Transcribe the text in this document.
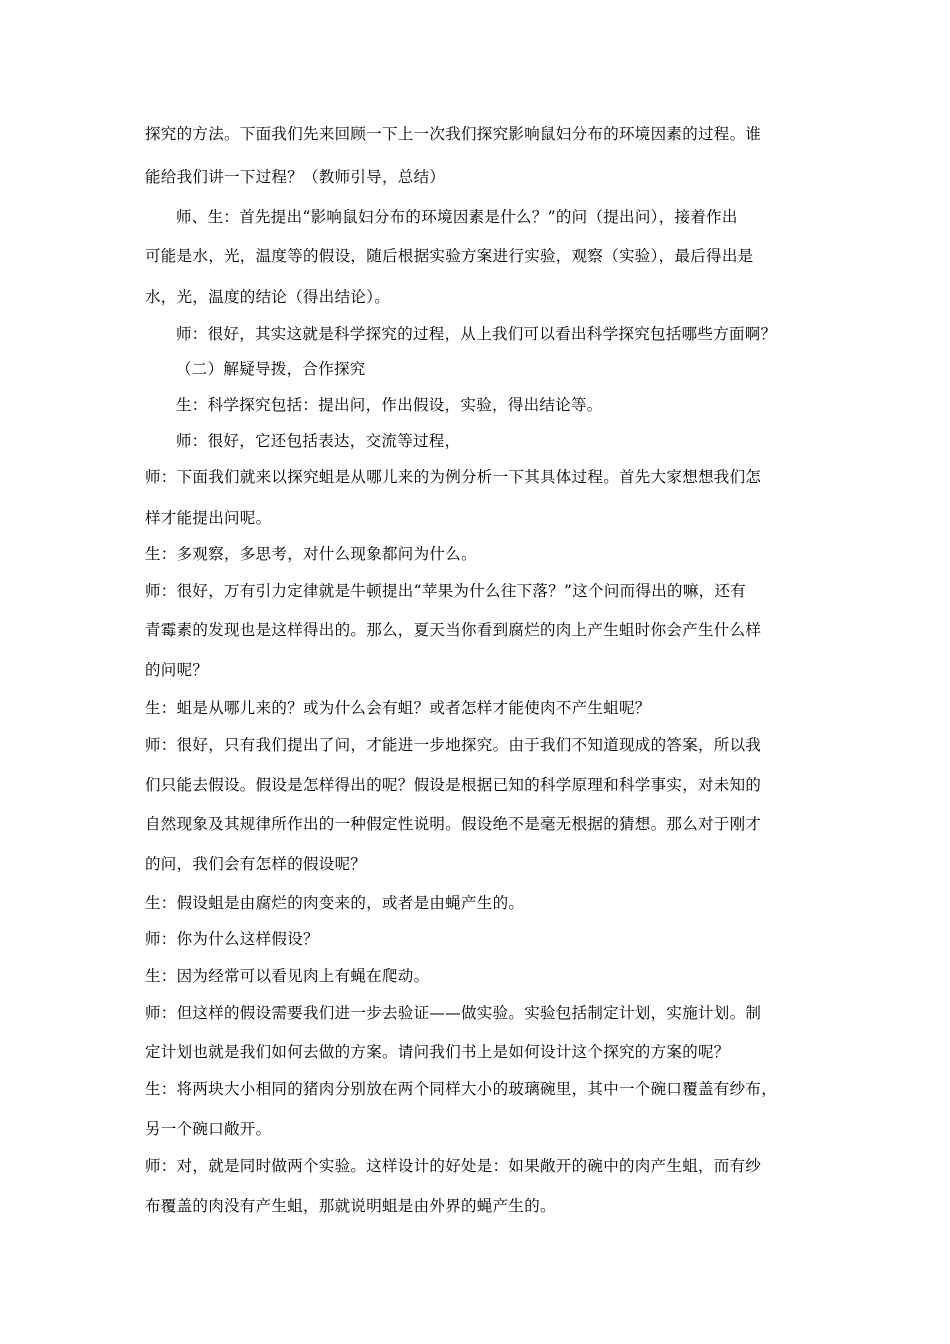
探究的方法。下面我们先来回顾一下上一次我们探究影响鼠妇分布的环境因素的过程。谁
能给我们讲一下过程？（教师引导，总结）
师、生：首先提出“影响鼠妇分布的环境因素是什么？”的问（提出问），接着作出
可能是水，光，温度等的假设，随后根据实验方案进行实验，观察（实验），最后得出是
水，光，温度的结论（得出结论）。
师：很好，其实这就是科学探究的过程，从上我们可以看出科学探究包括哪些方面啊？
（二）解疑导拨，合作探究
生：科学探究包括：提出问，作出假设，实验，得出结论等。
师：很好，它还包括表达，交流等过程，
师：下面我们就来以探究蛆是从哪儿来的为例分析一下其具体过程。首先大家想想我们怎
样才能提出问呢。
生：多观察，多思考，对什么现象都问为什么。
师：很好，万有引力定律就是牛顿提出“苹果为什么往下落？”这个问而得出的嘛，还有
青霉素的发现也是这样得出的。那么，夏天当你看到腐烂的肉上产生蛆时你会产生什么样
的问呢？
生：蛆是从哪儿来的？或为什么会有蛆？或者怎样才能使肉不产生蛆呢？
师：很好，只有我们提出了问，才能进一步地探究。由于我们不知道现成的答案，所以我
们只能去假设。假设是怎样得出的呢？假设是根据已知的科学原理和科学事实，对未知的
自然现象及其规律所作出的一种假定性说明。假设绝不是毫无根据的猜想。那么对于刚才
的问，我们会有怎样的假设呢？
生：假设蛆是由腐烂的肉变来的，或者是由蝇产生的。
师：你为什么这样假设？
生：因为经常可以看见肉上有蝇在爬动。
师：但这样的假设需要我们进一步去验证——做实验。实验包括制定计划，实施计划。制
定计划也就是我们如何去做的方案。请问我们书上是如何设计这个探究的方案的呢？
生：将两块大小相同的猪肉分别放在两个同样大小的玻璃碗里，其中一个碗口覆盖有纱布，
另一个碗口敞开。
师：对，就是同时做两个实验。这样设计的好处是：如果敞开的碗中的肉产生蛆，而有纱
布覆盖的肉没有产生蛆，那就说明蛆是由外界的蝇产生的。
